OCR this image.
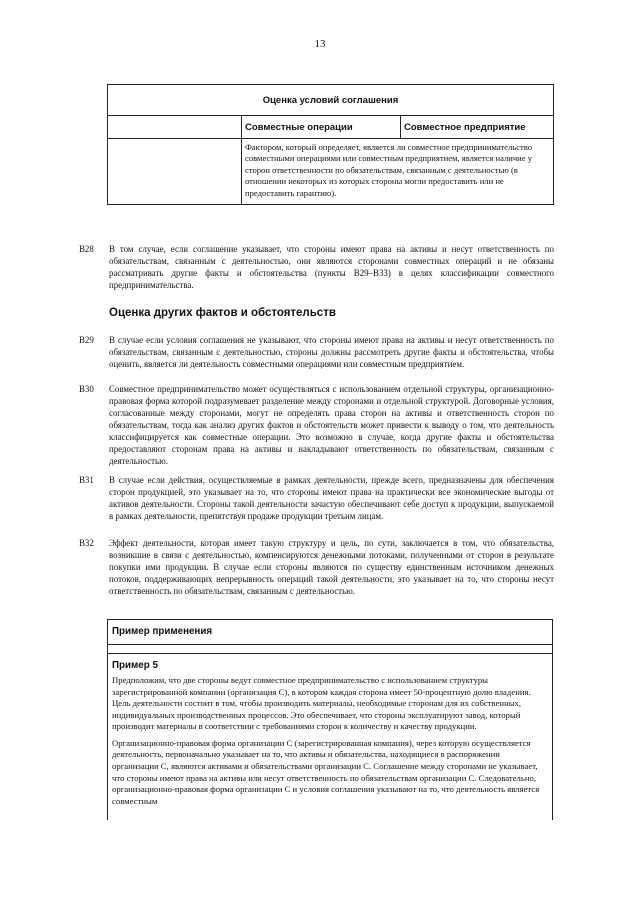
13
Оценка условий соглашения		
	Совместные операции	Совместное предприятие
	Фактором, который определяет, является ли совместное предпринимательство совместными операциями или совместным предприятием, является наличие у сторон ответственности по обязательствам, связанным с деятельностью (в отношении некоторых из которых стороны могли предоставить или не предоставить гарантию).	
B28 В том случае, если соглашение указывает, что стороны имеют права на активы и несут ответственность по обязательствам, связанным с деятельностью, они являются сторонами совместных операций и не обязаны рассматривать другие факты и обстоятельства (пункты B29–B33) в целях классификации совместного предпринимательства.
Оценка других фактов и обстоятельств
B29 В случае если условия соглашения не указывают, что стороны имеют права на активы и несут ответственность по обязательствам, связанным с деятельностью, стороны должны рассмотреть другие факты и обстоятельства, чтобы оценить, является ли деятельность совместными операциями или совместным предприятием.
B30 Совместное предпринимательство может осуществляться с использованием отдельной структуры, организационно-правовая форма которой подразумевает разделение между сторонами и отдельной структурой. Договорные условия, согласованные между сторонами, могут не определять права сторон на активы и ответственность сторон по обязательствам, тогда как анализ других фактов и обстоятельств может привести к выводу о том, что деятельность классифицируется как совместные операции. Это возможно в случае, когда другие факты и обстоятельства предоставляют сторонам права на активы и накладывают ответственность по обязательствам, связанным с деятельностью.
B31 В случае если действия, осуществляемые в рамках деятельности, прежде всего, предназначены для обеспечения сторон продукцией, это указывает на то, что стороны имеют права на практически все экономические выгоды от активов деятельности. Стороны такой деятельности зачастую обеспечивают себе доступ к продукции, выпускаемой в рамках деятельности, препятствуя продаже продукции третьим лицам.
B32 Эффект деятельности, которая имеет такую структуру и цель, по сути, заключается в том, что обязательства, возникшие в связи с деятельностью, компенсируются денежными потоками, полученными от сторон в результате покупки ими продукции. В случае если стороны являются по существу единственным источником денежных потоков, поддерживающих непрерывность операций такой деятельности, это указывает на то, что стороны несут ответственность по обязательствам, связанным с деятельностью.
Пример применения
Пример 5

Предположим, что две стороны ведут совместное предпринимательство с использованием структуры зарегистрированной компании (организация С), в котором каждая сторона имеет 50-процентную долю владения. Цель деятельности состоит в том, чтобы производить материалы, необходимые сторонам для их собственных, индивидуальных производственных процессов. Это обеспечивает, что стороны эксплуатируют завод, который производит материалы в соответствии с требованиями сторон к количеству и качеству продукции.

Организационно-правовая форма организации С (зарегистрированная компания), через которую осуществляется деятельность, первоначально указывает на то, что активы и обязательства, находящиеся в распоряжении организации С, являются активами и обязательствами организации С. Соглашение между сторонами не указывает, что стороны имеют права на активы или несут ответственность по обязательствам организации С. Следовательно, организационно-правовая форма организации С и условия соглашения указывают на то, что деятельность является совместным
